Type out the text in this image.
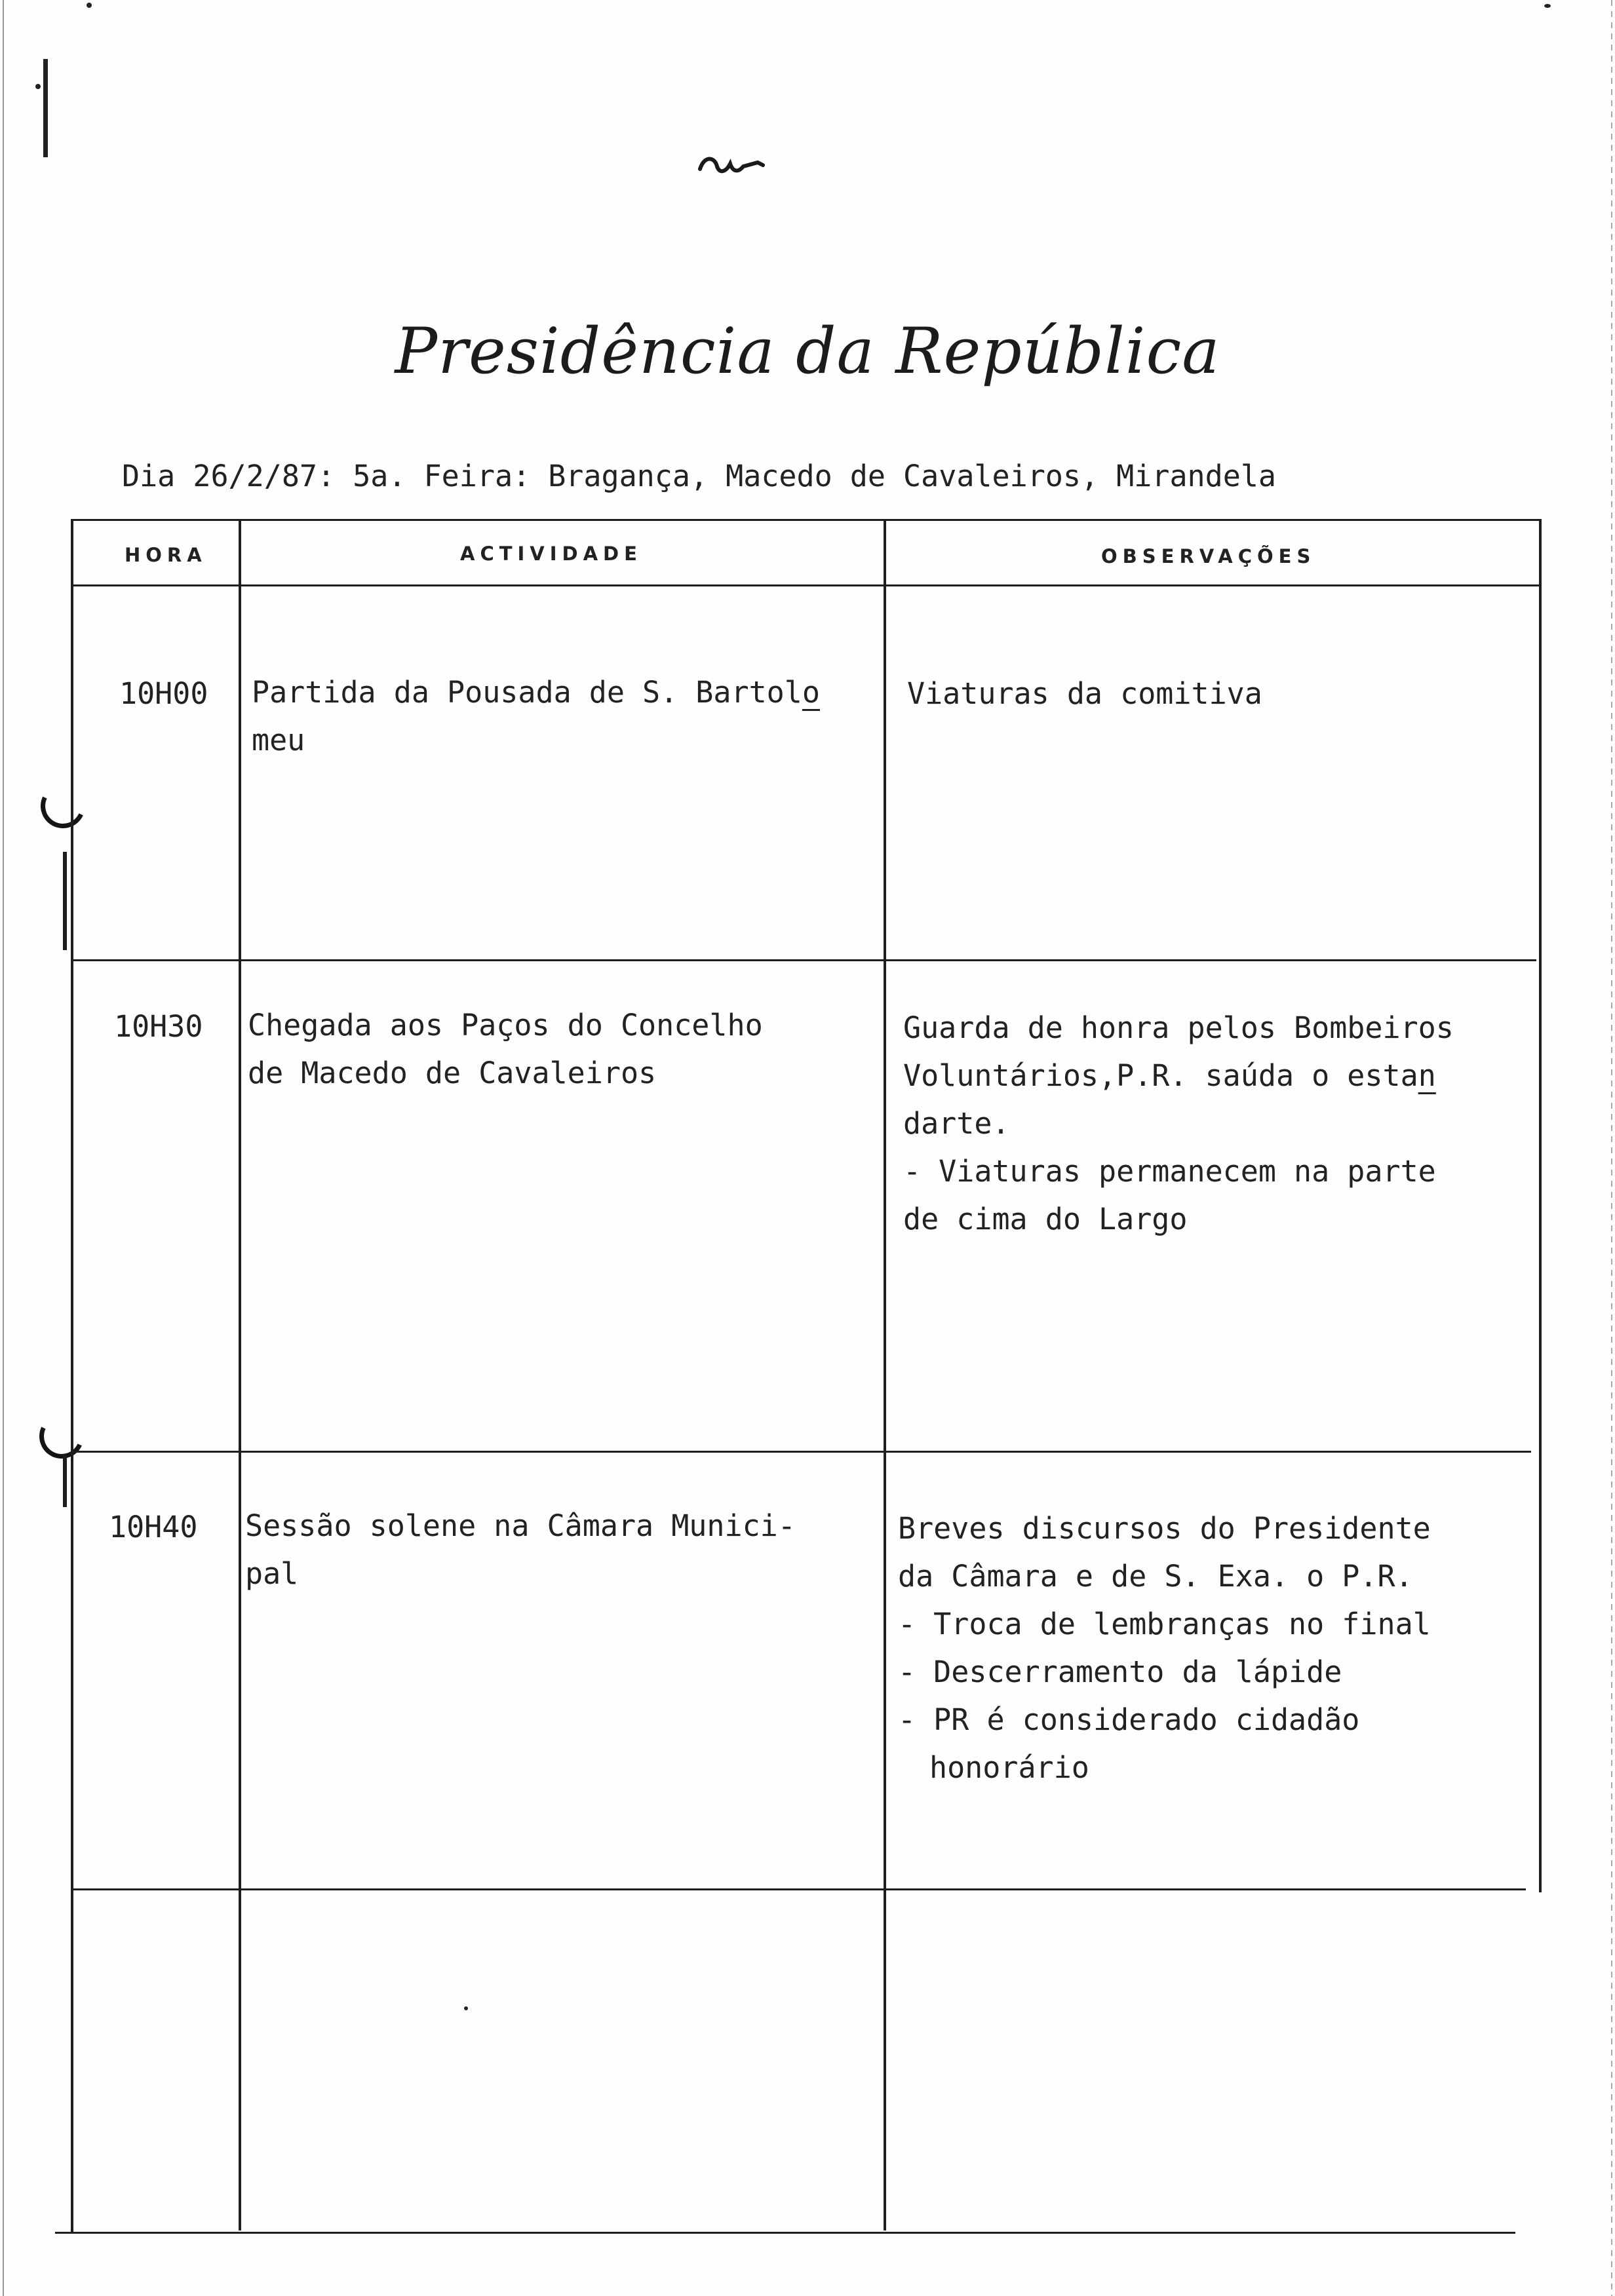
Presidência da República
Dia 26/2/87: 5a. Feira: Bragança, Macedo de Cavaleiros, Mirandela
HORA	ACTIVIDADE	OBSERVAÇÕES
10H00 Partida da Pousada de S. Bartolo
meu
Viaturas da comitiva
10H30 Chegada aos Paços do Concelho
de Macedo de Cavaleiros
Guarda de honra pelos Bombeiros
Voluntários,P.R. saúda o estan
darte.
- Viaturas permanecem na parte
de cima do Largo
10H40 Sessão solene na Câmara Munici-
pal
Breves discursos do Presidente
da Câmara e de S. Exa. o P.R.
- Troca de lembranças no final
- Descerramento da lápide
- PR é considerado cidadão
honorário
